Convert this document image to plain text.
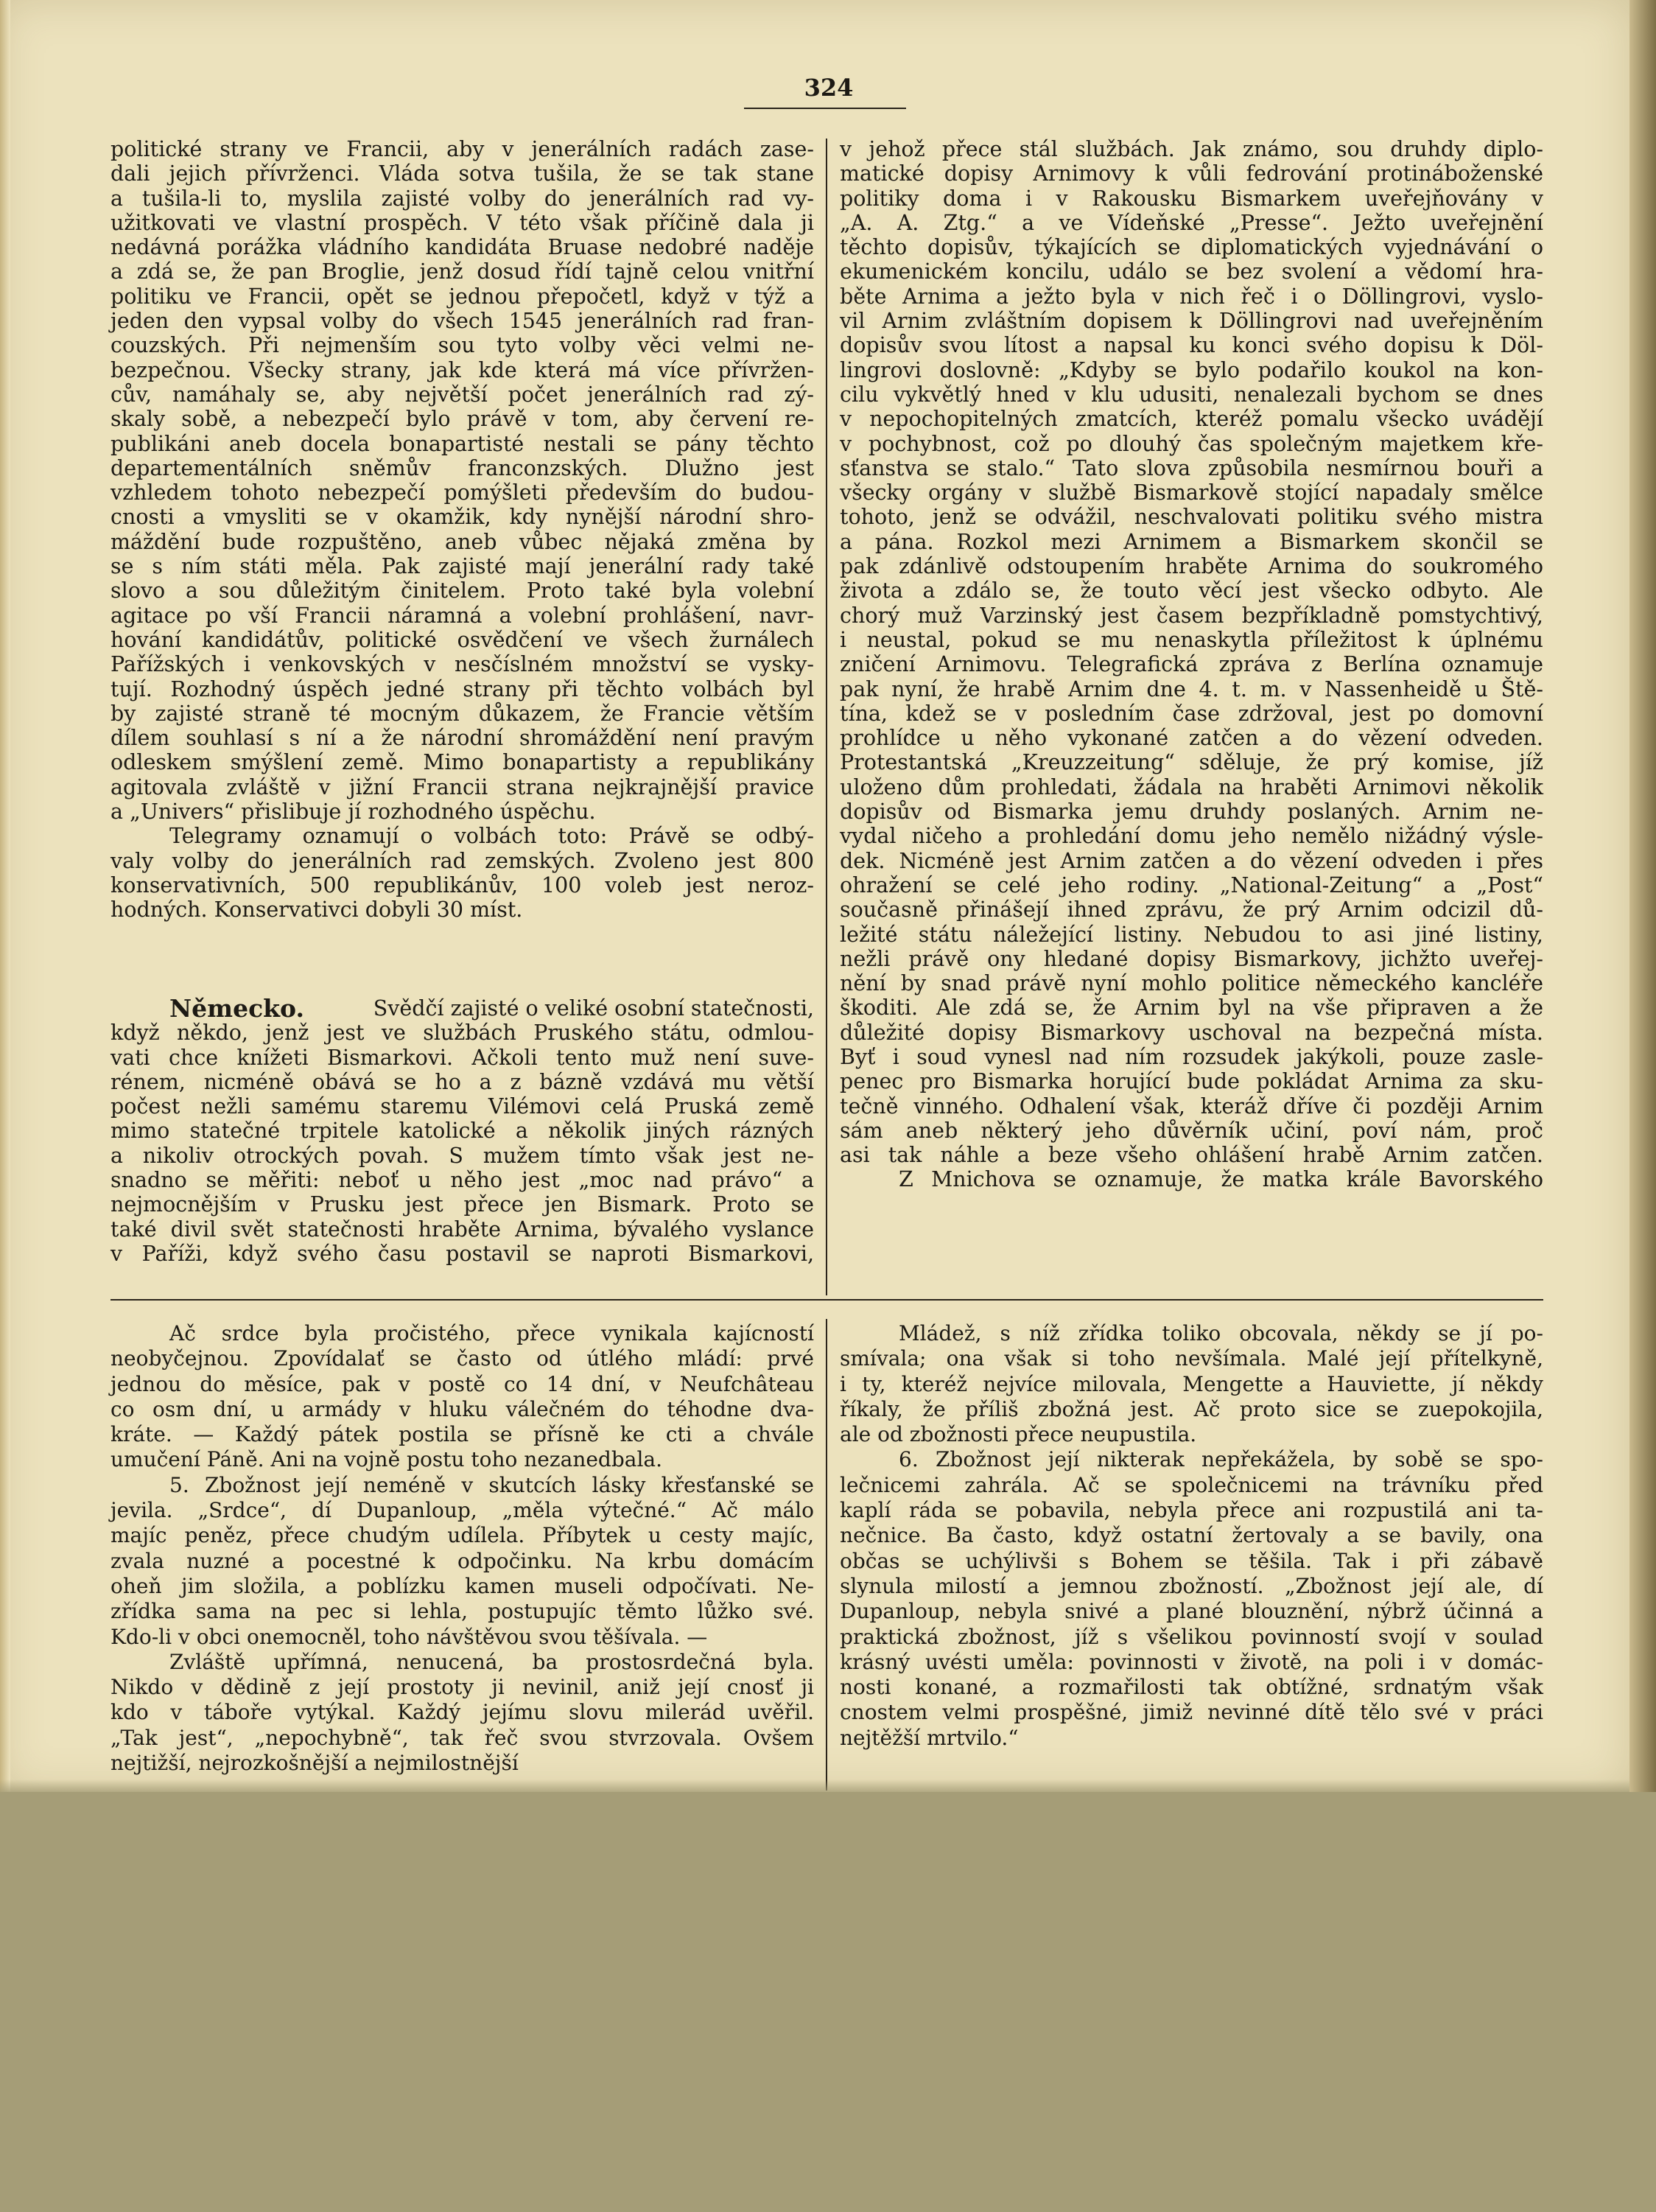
324
politické strany ve Francii, aby v jenerálních radách zase-
dali jejich přívrženci. Vláda sotva tušila, že se tak stane
a tušila-li to, myslila zajisté volby do jenerálních rad vy-
užitkovati ve vlastní prospěch. V této však příčině dala ji
nedávná porážka vládního kandidáta Bruase nedobré naděje
a zdá se, že pan Broglie, jenž dosud řídí tajně celou vnitřní
politiku ve Francii, opět se jednou přepočetl, když v týž a
jeden den vypsal volby do všech 1545 jenerálních rad fran-
couzských. Při nejmenším sou tyto volby věci velmi ne-
bezpečnou. Všecky strany, jak kde která má více přívržen-
cův, namáhaly se, aby největší počet jenerálních rad zý-
skaly sobě, a nebezpečí bylo právě v tom, aby červení re-
publikáni aneb docela bonapartisté nestali se pány těchto
departementálních sněmův franconzských. Dlužno jest
vzhledem tohoto nebezpečí pomýšleti především do budou-
cnosti a vmysliti se v okamžik, kdy nynější národní shro-
máždění bude rozpuštěno, aneb vůbec nějaká změna by
se s ním státi měla. Pak zajisté mají jenerální rady také
slovo a sou důležitým činitelem. Proto také byla volební
agitace po vší Francii náramná a volební prohlášení, navr-
hování kandidátův, politické osvědčení ve všech žurnálech
Pařížských i venkovských v nesčíslném množství se vysky-
tují. Rozhodný úspěch jedné strany při těchto volbách byl
by zajisté straně té mocným důkazem, že Francie větším
dílem souhlasí s ní a že národní shromáždění není pravým
odleskem smýšlení země. Mimo bonapartisty a republikány
agitovala zvláště v jižní Francii strana nejkrajnější pravice
a „Univers“ přislibuje jí rozhodného úspěchu.
Telegramy oznamují o volbách toto: Právě se odbý-
valy volby do jenerálních rad zemských. Zvoleno jest 800
konservativních, 500 republikánův, 100 voleb jest neroz-
hodných. Konservativci dobyli 30 míst.
Německo.	Svědčí zajisté o veliké osobní statečnosti,
když někdo, jenž jest ve službách Pruského státu, odmlou-
vati chce knížeti Bismarkovi. Ačkoli tento muž není suve-
rénem, nicméně obává se ho a z bázně vzdává mu větší
počest nežli samému staremu Vilémovi celá Pruská země
mimo statečné trpitele katolické a několik jiných rázných
a nikoliv otrockých povah. S mužem tímto však jest ne-
snadno se měřiti: neboť u něho jest „moc nad právo“ a
nejmocnějším v Prusku jest přece jen Bismark. Proto se
také divil svět statečnosti hraběte Arnima, bývalého vyslance
v Paříži, když svého času postavil se naproti Bismarkovi,
v jehož přece stál službách. Jak známo, sou druhdy diplo-
matické dopisy Arnimovy k vůli fedrování protináboženské
politiky doma i v Rakousku Bismarkem uveřejňovány v
„A. A. Ztg.“ a ve Vídeňské „Presse“. Ježto uveřejnění
těchto dopisův, týkajících se diplomatických vyjednávání o
ekumenickém koncilu, událo se bez svolení a vědomí hra-
běte Arnima a ježto byla v nich řeč i o Döllingrovi, vyslo-
vil Arnim zvláštním dopisem k Döllingrovi nad uveřejněním
dopisův svou lítost a napsal ku konci svého dopisu k Döl-
lingrovi doslovně: „Kdyby se bylo podařilo koukol na kon-
cilu vykvětlý hned v klu udusiti, nenalezali bychom se dnes
v nepochopitelných zmatcích, kteréž pomalu všecko uvádějí
v pochybnost, což po dlouhý čas společným majetkem kře-
sťanstva se stalo.“ Tato slova způsobila nesmírnou bouři a
všecky orgány v službě Bismarkově stojící napadaly smělce
tohoto, jenž se odvážil, neschvalovati politiku svého mistra
a pána. Rozkol mezi Arnimem a Bismarkem skončil se
pak zdánlivě odstoupením hraběte Arnima do soukromého
života a zdálo se, že touto věcí jest všecko odbyto. Ale
chorý muž Varzinský jest časem bezpříkladně pomstychtivý,
i neustal, pokud se mu nenaskytla příležitost k úplnému
zničení Arnimovu. Telegrafická zpráva z Berlína oznamuje
pak nyní, že hrabě Arnim dne 4. t. m. v Nassenheidě u Ště-
tína, kdež se v posledním čase zdržoval, jest po domovní
prohlídce u něho vykonané zatčen a do vězení odveden.
Protestantská „Kreuzzeitung“ sděluje, že prý komise, jíž
uloženo dům prohledati, žádala na hraběti Arnimovi několik
dopisův od Bismarka jemu druhdy poslaných. Arnim ne-
vydal ničeho a prohledání domu jeho nemělo nižádný výsle-
dek. Nicméně jest Arnim zatčen a do vězení odveden i přes
ohražení se celé jeho rodiny. „National-Zeitung“ a „Post“
současně přinášejí ihned zprávu, že prý Arnim odcizil dů-
ležité státu náležející listiny. Nebudou to asi jiné listiny,
nežli právě ony hledané dopisy Bismarkovy, jichžto uveřej-
nění by snad právě nyní mohlo politice německého kancléře
škoditi. Ale zdá se, že Arnim byl na vše připraven a že
důležité dopisy Bismarkovy uschoval na bezpečná místa.
Byť i soud vynesl nad ním rozsudek jakýkoli, pouze zasle-
penec pro Bismarka horující bude pokládat Arnima za sku-
tečně vinného. Odhalení však, kteráž dříve či později Arnim
sám aneb některý jeho důvěrník učiní, poví nám, proč
asi tak náhle a beze všeho ohlášení hrabě Arnim zatčen.
Z Mnichova se oznamuje, že matka krále Bavorského
Ač srdce byla pročistého, přece vynikala kajícností
neobyčejnou. Zpovídalať se často od útlého mládí: prvé
jednou do měsíce, pak v postě co 14 dní, v Neufchâteau
co osm dní, u armády v hluku válečném do téhodne dva-
kráte. — Každý pátek postila se přísně ke cti a chvále
umučení Páně. Ani na vojně postu toho nezanedbala.
5. Zbožnost její neméně v skutcích lásky křesťanské se
jevila. „Srdce“, dí Dupanloup, „měla výtečné.“ Ač málo
majíc peněz, přece chudým udílela. Příbytek u cesty majíc,
zvala nuzné a pocestné k odpočinku. Na krbu domácím
oheň jim složila, a poblízku kamen museli odpočívati. Ne-
zřídka sama na pec si lehla, postupujíc těmto lůžko své.
Kdo-li v obci onemocněl, toho návštěvou svou těšívala. —
Zvláště upřímná, nenucená, ba prostosrdečná byla.
Nikdo v dědině z její prostoty ji nevinil, aniž její cnosť ji
kdo v táboře vytýkal. Každý jejímu slovu milerád uvěřil.
„Tak jest“, „nepochybně“, tak řeč svou stvrzovala. Ovšem
nejtižší, nejrozkošnější a nejmilostnější
Mládež, s níž zřídka toliko obcovala, někdy se jí po-
smívala; ona však si toho nevšímala. Malé její přítelkyně,
i ty, kteréž nejvíce milovala, Mengette a Hauviette, jí někdy
říkaly, že příliš zbožná jest. Ač proto sice se zuepokojila,
ale od zbožnosti přece neupustila.
6. Zbožnost její nikterak nepřekážela, by sobě se spo-
lečnicemi zahrála. Ač se společnicemi na trávníku před
kaplí ráda se pobavila, nebyla přece ani rozpustilá ani ta-
nečnice. Ba často, když ostatní žertovaly a se bavily, ona
občas se uchýlivši s Bohem se těšila. Tak i při zábavě
slynula milostí a jemnou zbožností. „Zbožnost její ale, dí
Dupanloup, nebyla snivé a plané blouznění, nýbrž účinná a
praktická zbožnost, jíž s všelikou povinností svojí v soulad
krásný uvésti uměla: povinnosti v životě, na poli i v domác-
nosti konané, a rozmařilosti tak obtížné, srdnatým však
cnostem velmi prospěšné, jimiž nevinné dítě tělo své v práci
nejtěžší mrtvilo.“
